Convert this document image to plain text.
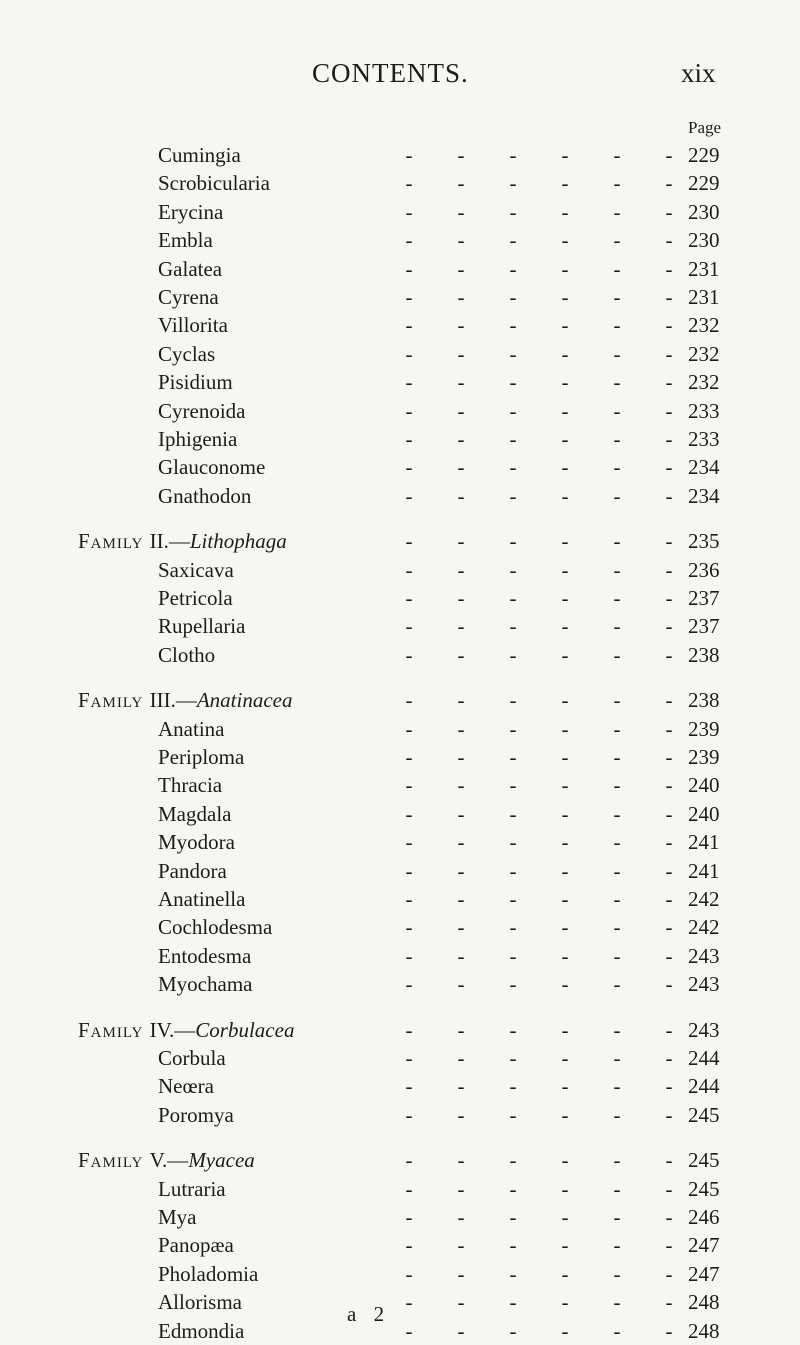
CONTENTS.	xix
Page
Cumingia	- - - - - - 229
Scrobicularia	- - - - - - 229
Erycina	- - - - - - 230
Embla	- - - - - - 230
Galatea	- - - - - - 231
Cyrena	- - - - - - 231
Villorita	- - - - - - 232
Cyclas	- - - - - - 232
Pisidium	- - - - - - 232
Cyrenoida	- - - - - - 233
Iphigenia	- - - - - - 233
Glauconome	- - - - - - 234
Gnathodon	- - - - - - 234
Family II.—Lithophaga	- - - - - - 235
Saxicava	- - - - - - 236
Petricola	- - - - - - 237
Rupellaria	- - - - - - 237
Clotho	- - - - - - 238
Family III.—Anatinacea	- - - - - - 238
Anatina	- - - - - - 239
Periploma	- - - - - - 239
Thracia	- - - - - - 240
Magdala	- - - - - - 240
Myodora	- - - - - - 241
Pandora	- - - - - - 241
Anatinella	- - - - - - 242
Cochlodesma	- - - - - - 242
Entodesma	- - - - - - 243
Myochama	- - - - - - 243
Family IV.—Corbulacea	- - - - - - 243
Corbula	- - - - - - 244
Neœra	- - - - - - 244
Poromya	- - - - - - 245
Family V.—Myacea	- - - - - - 245
Lutraria	- - - - - - 245
Mya	- - - - - - 246
Panopæa	- - - - - - 247
Pholadomia	- - - - - - 247
Allorisma	- - - - - - 248
Edmondia	- - - - - - 248
a 2
